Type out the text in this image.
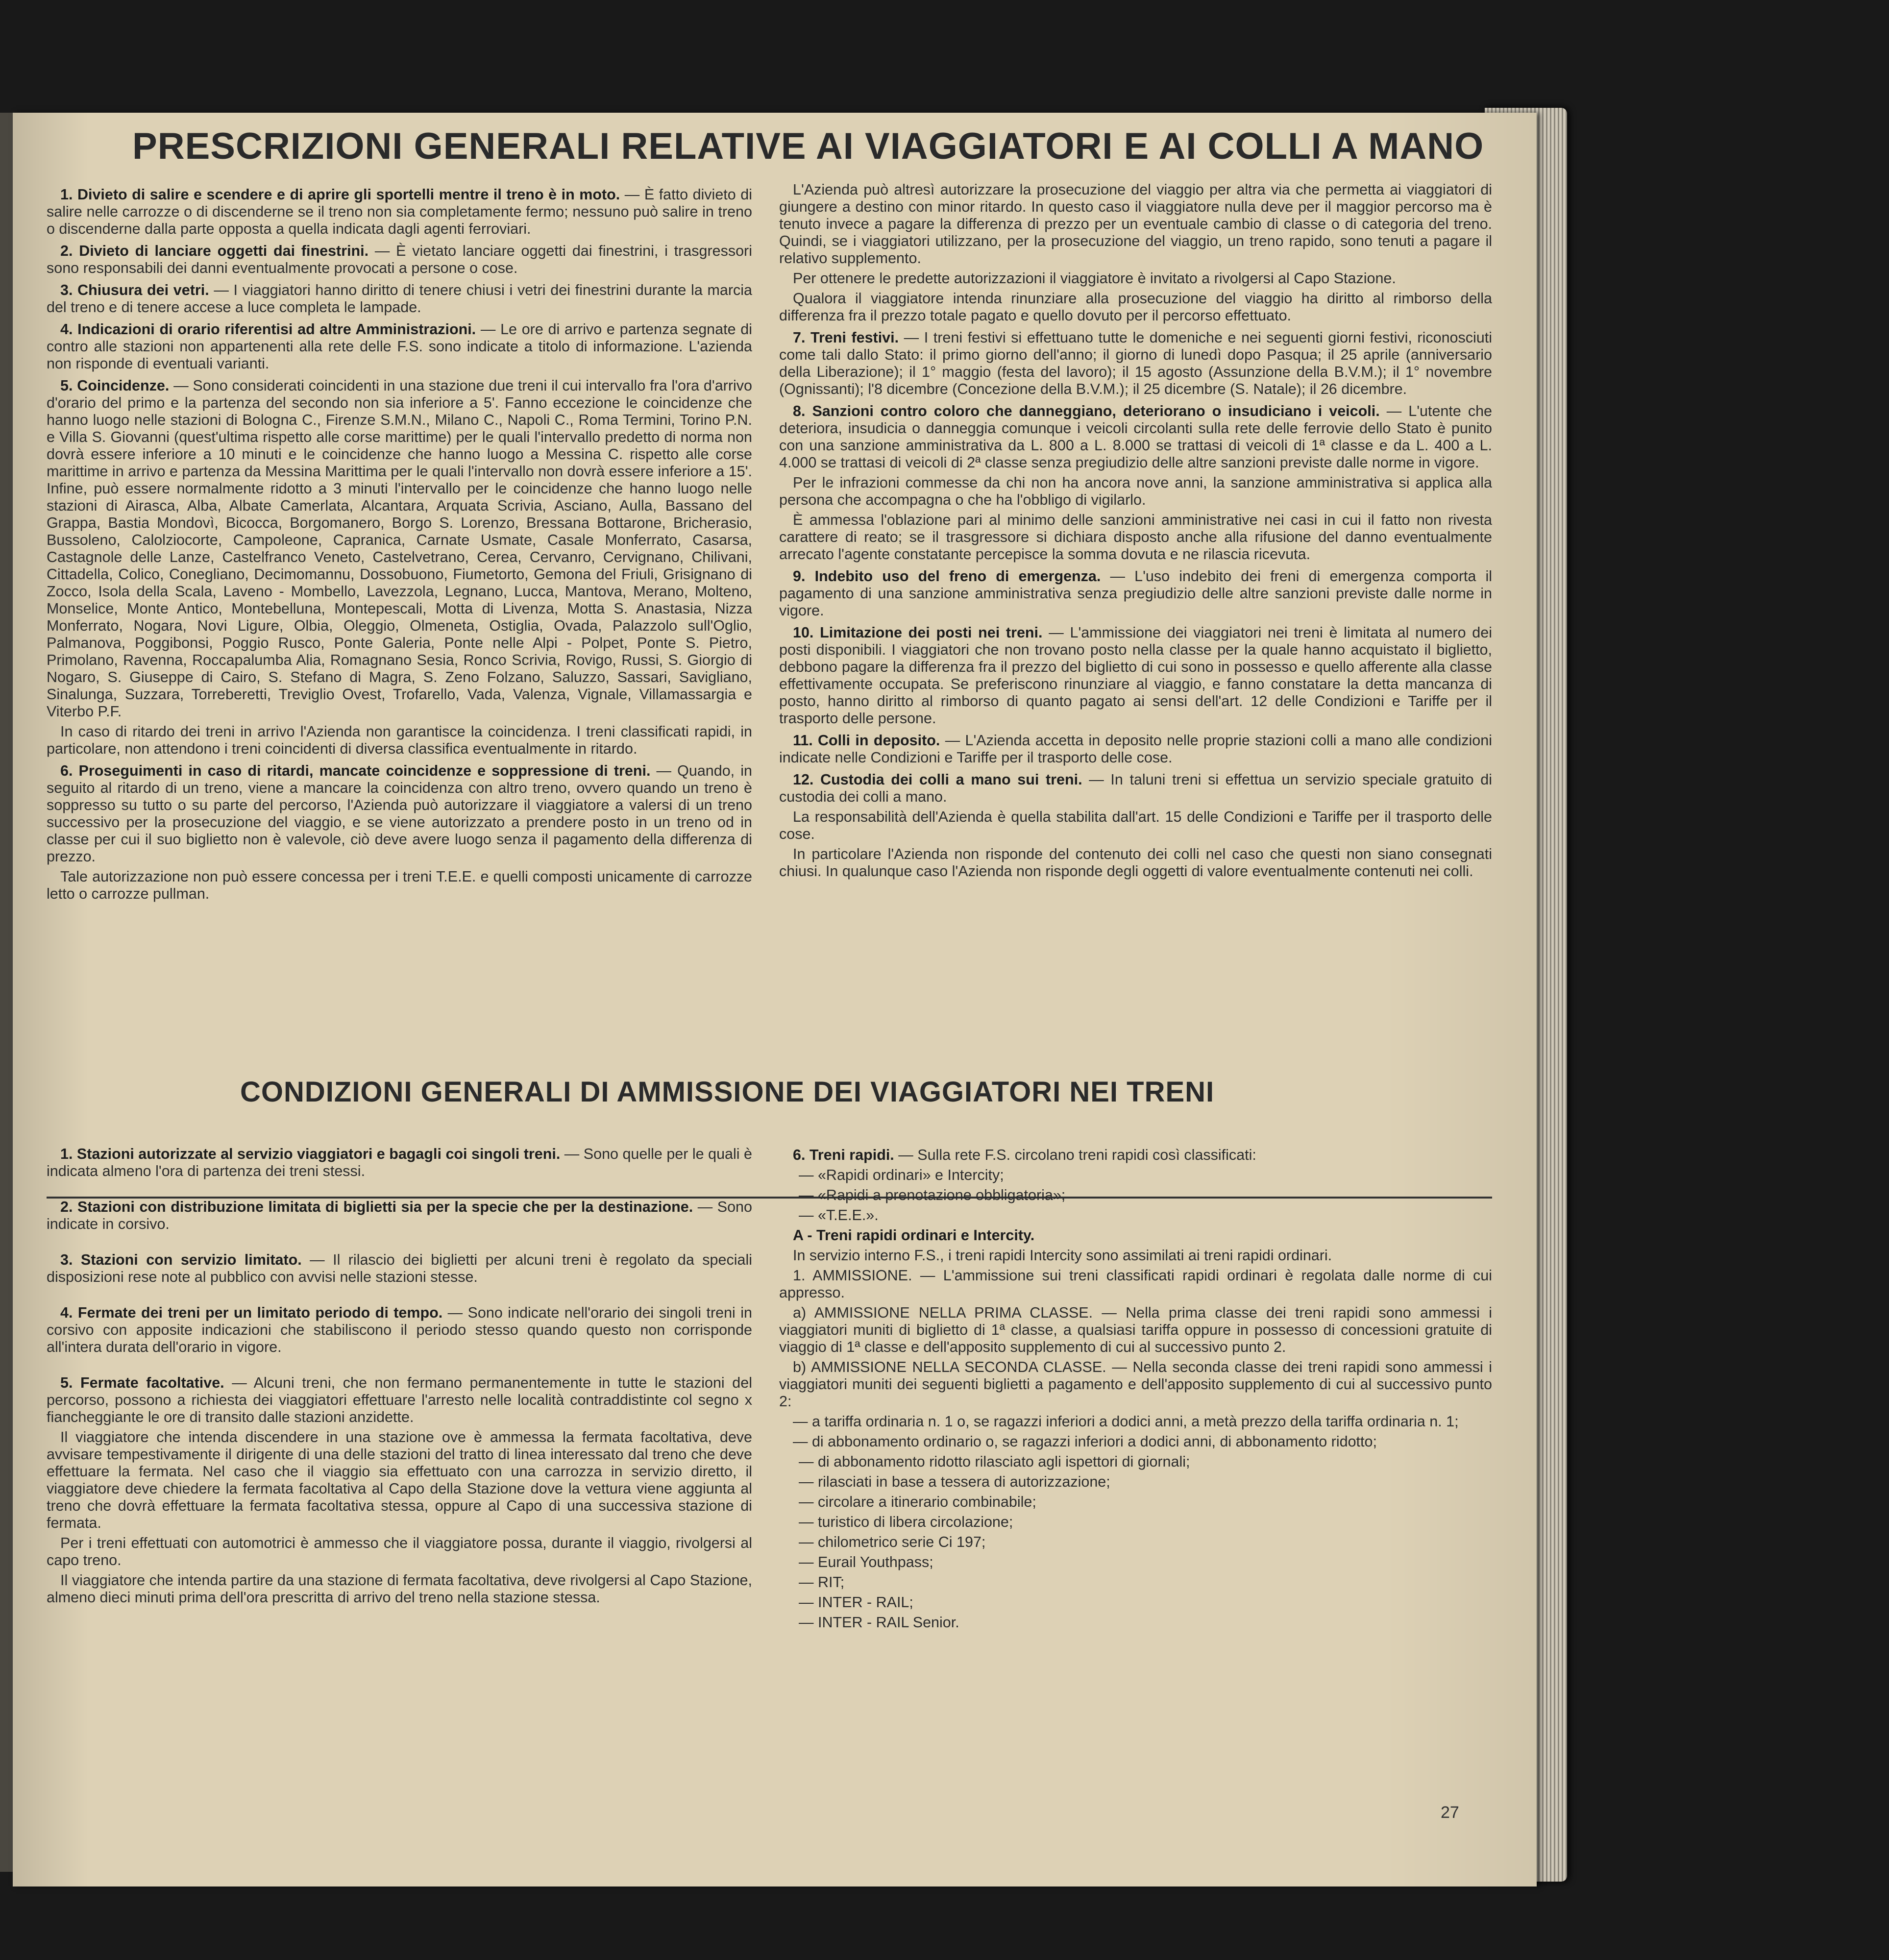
PRESCRIZIONI GENERALI RELATIVE AI VIAGGIATORI E AI COLLI A MANO

1. Divieto di salire e scendere e di aprire gli sportelli mentre il treno è in moto. — È fatto divieto di salire nelle carrozze o di discenderne se il treno non sia completamente fermo; nessuno può salire in treno o discenderne dalla parte opposta a quella indicata dagli agenti ferroviari.

2. Divieto di lanciare oggetti dai finestrini. — È vietato lanciare oggetti dai finestrini, i trasgressori sono responsabili dei danni eventualmente provocati a persone o cose.

3. Chiusura dei vetri. — I viaggiatori hanno diritto di tenere chiusi i vetri dei finestrini durante la marcia del treno e di tenere accese a luce completa le lampade.

4. Indicazioni di orario riferentisi ad altre Amministrazioni. — Le ore di arrivo e partenza segnate di contro alle stazioni non appartenenti alla rete delle F.S. sono indicate a titolo di informazione. L'azienda non risponde di eventuali varianti.

5. Coincidenze. — Sono considerati coincidenti in una stazione due treni il cui intervallo fra l'ora d'arrivo d'orario del primo e la partenza del secondo non sia inferiore a 5'. Fanno eccezione le coincidenze che hanno luogo nelle stazioni di Bologna C., Firenze S.M.N., Milano C., Napoli C., Roma Termini, Torino P.N. e Villa S. Giovanni (quest'ultima rispetto alle corse marittime) per le quali l'intervallo predetto di norma non dovrà essere inferiore a 10 minuti e le coincidenze che hanno luogo a Messina C. rispetto alle corse marittime in arrivo e partenza da Messina Marittima per le quali l'intervallo non dovrà essere inferiore a 15'. Infine, può essere normalmente ridotto a 3 minuti l'intervallo per le coincidenze che hanno luogo nelle stazioni di Airasca, Alba, Albate Camerlata, Alcantara, Arquata Scrivia, Asciano, Aulla, Bassano del Grappa, Bastia Mondovì, Bicocca, Borgomanero, Borgo S. Lorenzo, Bressana Bottarone, Bricherasio, Bussoleno, Calolziocorte, Campoleone, Capranica, Carnate Usmate, Casale Monferrato, Casarsa, Castagnole delle Lanze, Castelfranco Veneto, Castelvetrano, Cerea, Cervanro, Cervignano, Chilivani, Cittadella, Colico, Conegliano, Decimomannu, Dossobuono, Fiumetorto, Gemona del Friuli, Grisignano di Zocco, Isola della Scala, Laveno - Mombello, Lavezzola, Legnano, Lucca, Mantova, Merano, Molteno, Monselice, Monte Antico, Montebelluna, Montepescali, Motta di Livenza, Motta S. Anastasia, Nizza Monferrato, Nogara, Novi Ligure, Olbia, Oleggio, Olmeneta, Ostiglia, Ovada, Palazzolo sull'Oglio, Palmanova, Poggibonsi, Poggio Rusco, Ponte Galeria, Ponte nelle Alpi - Polpet, Ponte S. Pietro, Primolano, Ravenna, Roccapalumba Alia, Romagnano Sesia, Ronco Scrivia, Rovigo, Russi, S. Giorgio di Nogaro, S. Giuseppe di Cairo, S. Stefano di Magra, S. Zeno Folzano, Saluzzo, Sassari, Savigliano, Sinalunga, Suzzara, Torreberetti, Treviglio Ovest, Trofarello, Vada, Valenza, Vignale, Villamassargia e Viterbo P.F.

In caso di ritardo dei treni in arrivo l'Azienda non garantisce la coincidenza. I treni classificati rapidi, in particolare, non attendono i treni coincidenti di diversa classifica eventualmente in ritardo.

6. Proseguimenti in caso di ritardi, mancate coincidenze e soppressione di treni. — Quando, in seguito al ritardo di un treno, viene a mancare la coincidenza con altro treno, ovvero quando un treno è soppresso su tutto o su parte del percorso, l'Azienda può autorizzare il viaggiatore a valersi di un treno successivo per la prosecuzione del viaggio, e se viene autorizzato a prendere posto in un treno od in classe per cui il suo biglietto non è valevole, ciò deve avere luogo senza il pagamento della differenza di prezzo.

Tale autorizzazione non può essere concessa per i treni T.E.E. e quelli composti unicamente di carrozze letto o carrozze pullman.

L'Azienda può altresì autorizzare la prosecuzione del viaggio per altra via che permetta ai viaggiatori di giungere a destino con minor ritardo. In questo caso il viaggiatore nulla deve per il maggior percorso ma è tenuto invece a pagare la differenza di prezzo per un eventuale cambio di classe o di categoria del treno. Quindi, se i viaggiatori utilizzano, per la prosecuzione del viaggio, un treno rapido, sono tenuti a pagare il relativo supplemento.

Per ottenere le predette autorizzazioni il viaggiatore è invitato a rivolgersi al Capo Stazione.

Qualora il viaggiatore intenda rinunziare alla prosecuzione del viaggio ha diritto al rimborso della differenza fra il prezzo totale pagato e quello dovuto per il percorso effettuato.

7. Treni festivi. — I treni festivi si effettuano tutte le domeniche e nei seguenti giorni festivi, riconosciuti come tali dallo Stato: il primo giorno dell'anno; il giorno di lunedì dopo Pasqua; il 25 aprile (anniversario della Liberazione); il 1° maggio (festa del lavoro); il 15 agosto (Assunzione della B.V.M.); il 1° novembre (Ognissanti); l'8 dicembre (Concezione della B.V.M.); il 25 dicembre (S. Natale); il 26 dicembre.

8. Sanzioni contro coloro che danneggiano, deteriorano o insudiciano i veicoli. — L'utente che deteriora, insudicia o danneggia comunque i veicoli circolanti sulla rete delle ferrovie dello Stato è punito con una sanzione amministrativa da L. 800 a L. 8.000 se trattasi di veicoli di 1ª classe e da L. 400 a L. 4.000 se trattasi di veicoli di 2ª classe senza pregiudizio delle altre sanzioni previste dalle norme in vigore.

Per le infrazioni commesse da chi non ha ancora nove anni, la sanzione amministrativa si applica alla persona che accompagna o che ha l'obbligo di vigilarlo.

È ammessa l'oblazione pari al minimo delle sanzioni amministrative nei casi in cui il fatto non rivesta carattere di reato; se il trasgressore si dichiara disposto anche alla rifusione del danno eventualmente arrecato l'agente constatante percepisce la somma dovuta e ne rilascia ricevuta.

9. Indebito uso del freno di emergenza. — L'uso indebito dei freni di emergenza comporta il pagamento di una sanzione amministrativa senza pregiudizio delle altre sanzioni previste dalle norme in vigore.

10. Limitazione dei posti nei treni. — L'ammissione dei viaggiatori nei treni è limitata al numero dei posti disponibili. I viaggiatori che non trovano posto nella classe per la quale hanno acquistato il biglietto, debbono pagare la differenza fra il prezzo del biglietto di cui sono in possesso e quello afferente alla classe effettivamente occupata. Se preferiscono rinunziare al viaggio, e fanno constatare la detta mancanza di posto, hanno diritto al rimborso di quanto pagato ai sensi dell'art. 12 delle Condizioni e Tariffe per il trasporto delle persone.

11. Colli in deposito. — L'Azienda accetta in deposito nelle proprie stazioni colli a mano alle condizioni indicate nelle Condizioni e Tariffe per il trasporto delle cose.

12. Custodia dei colli a mano sui treni. — In taluni treni si effettua un servizio speciale gratuito di custodia dei colli a mano.

La responsabilità dell'Azienda è quella stabilita dall'art. 15 delle Condizioni e Tariffe per il trasporto delle cose.

In particolare l'Azienda non risponde del contenuto dei colli nel caso che questi non siano consegnati chiusi. In qualunque caso l'Azienda non risponde degli oggetti di valore eventualmente contenuti nei colli.

CONDIZIONI GENERALI DI AMMISSIONE DEI VIAGGIATORI NEI TRENI

1. Stazioni autorizzate al servizio viaggiatori e bagagli coi singoli treni. — Sono quelle per le quali è indicata almeno l'ora di partenza dei treni stessi.

2. Stazioni con distribuzione limitata di biglietti sia per la specie che per la destinazione. — Sono indicate in corsivo.

3. Stazioni con servizio limitato. — Il rilascio dei biglietti per alcuni treni è regolato da speciali disposizioni rese note al pubblico con avvisi nelle stazioni stesse.

4. Fermate dei treni per un limitato periodo di tempo. — Sono indicate nell'orario dei singoli treni in corsivo con apposite indicazioni che stabiliscono il periodo stesso quando questo non corrisponde all'intera durata dell'orario in vigore.

5. Fermate facoltative. — Alcuni treni, che non fermano permanentemente in tutte le stazioni del percorso, possono a richiesta dei viaggiatori effettuare l'arresto nelle località contraddistinte col segno x fiancheggiante le ore di transito dalle stazioni anzidette.

Il viaggiatore che intenda discendere in una stazione ove è ammessa la fermata facoltativa, deve avvisare tempestivamente il dirigente di una delle stazioni del tratto di linea interessato dal treno che deve effettuare la fermata. Nel caso che il viaggio sia effettuato con una carrozza in servizio diretto, il viaggiatore deve chiedere la fermata facoltativa al Capo della Stazione dove la vettura viene aggiunta al treno che dovrà effettuare la fermata facoltativa stessa, oppure al Capo di una successiva stazione di fermata.

Per i treni effettuati con automotrici è ammesso che il viaggiatore possa, durante il viaggio, rivolgersi al capo treno.

Il viaggiatore che intenda partire da una stazione di fermata facoltativa, deve rivolgersi al Capo Stazione, almeno dieci minuti prima dell'ora prescritta di arrivo del treno nella stazione stessa.

6. Treni rapidi. — Sulla rete F.S. circolano treni rapidi così classificati:

— «Rapidi ordinari» e Intercity;

— «Rapidi a prenotazione obbligatoria»;

— «T.E.E.».

A - Treni rapidi ordinari e Intercity.

In servizio interno F.S., i treni rapidi Intercity sono assimilati ai treni rapidi ordinari.

1. AMMISSIONE. — L'ammissione sui treni classificati rapidi ordinari è regolata dalle norme di cui appresso.

a) AMMISSIONE NELLA PRIMA CLASSE. — Nella prima classe dei treni rapidi sono ammessi i viaggiatori muniti di biglietto di 1ª classe, a qualsiasi tariffa oppure in possesso di concessioni gratuite di viaggio di 1ª classe e dell'apposito supplemento di cui al successivo punto 2.

b) AMMISSIONE NELLA SECONDA CLASSE. — Nella seconda classe dei treni rapidi sono ammessi i viaggiatori muniti dei seguenti biglietti a pagamento e dell'apposito supplemento di cui al successivo punto 2:

— a tariffa ordinaria n. 1 o, se ragazzi inferiori a dodici anni, a metà prezzo della tariffa ordinaria n. 1;

— di abbonamento ordinario o, se ragazzi inferiori a dodici anni, di abbonamento ridotto;

— di abbonamento ridotto rilasciato agli ispettori di giornali;

— rilasciati in base a tessera di autorizzazione;

— circolare a itinerario combinabile;

— turistico di libera circolazione;

— chilometrico serie Ci 197;

— Eurail Youthpass;

— RIT;

— INTER - RAIL;

— INTER - RAIL Senior.

27
